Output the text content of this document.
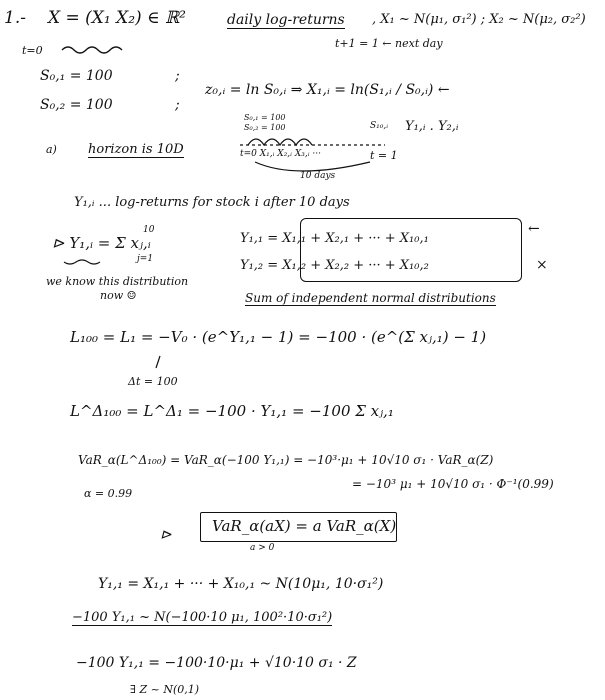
1.- X = (X₁ X₂) ∈ ℝ²	daily log-returns , X₁ ~ N(μ₁, σ₁²) ; X₂ ~ N(μ₂, σ₂²)
t=0
t+1 = 1 ← next day
S₀,₁ = 100	;
S₀,₂ = 100	;
z₀,ᵢ = ln S₀,ᵢ ⇒ X₁,ᵢ = ln(S₁,ᵢ / S₀,ᵢ) ←
S₀,₁ = 100
S₀,₂ = 100	S₁₀,ᵢ Y₁,ᵢ . Y₂,ᵢ
t=0 X₁,ᵢ X₂,ᵢ X₃,ᵢ ···	t = 1
10 days
a) horizon is 10D
Y₁,ᵢ ... log-returns for stock i after 10 days
10
⊳ Y₁,ᵢ = Σ xⱼ,ᵢ
j=1
we know this distribution
now ☺
Y₁,₁ = X₁,₁ + X₂,₁ + ··· + X₁₀,₁
Y₁,₂ = X₁,₂ + X₂,₂ + ··· + X₁₀,₂
←
×
Sum of independent normal distributions
L₁₀₀ = L₁ = −V₀ · (e^Y₁,₁ − 1) = −100 · (e^(Σ xⱼ,₁) − 1)
Δt = 100
L^Δ₁₀₀ = L^Δ₁ = −100 · Y₁,₁ = −100 Σ xⱼ,₁
VaR_α(L^Δ₁₀₀) = VaR_α(−100 Y₁,₁) = −10³·μ₁ + 10√10 σ₁ · VaR_α(Z)
= −10³ μ₁ + 10√10 σ₁ · Φ⁻¹(0.99)
α = 0.99
⊳	VaR_α(aX) = a VaR_α(X)
a > 0
Y₁,₁ = X₁,₁ + ··· + X₁₀,₁ ~ N(10μ₁, 10·σ₁²)
−100 Y₁,₁ ~ N(−100·10 μ₁, 100²·10·σ₁²)
−100 Y₁,₁ = −100·10·μ₁ + √10·10 σ₁ · Z
∃ Z ~ N(0,1)
